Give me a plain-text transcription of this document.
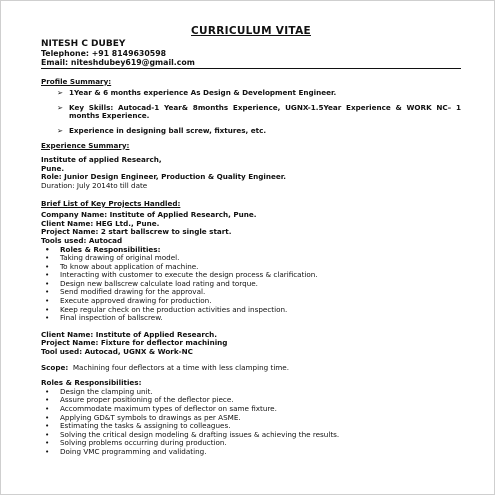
CURRICULUM VITAE
NITESH C DUBEY
Telephone: +91 8149630598
Email: niteshdubey619@gmail.com
Profile Summary:
➢ 1Year & 6 months experience As Design & Development Engineer.
➢ Key Skills: Autocad-1 Year& 8months Experience, UGNX-1.5Year Experience & WORK NC– 1 months Experience.
➢ Experience in designing ball screw, fixtures, etc.
Experience Summary:
Institute of applied Research,
Pune.
Role: Junior Design Engineer, Production & Quality Engineer.
Duration: July 2014to till date
Brief List of Key Projects Handled:
Company Name: Institute of Applied Research, Pune.
Client Name: HEG Ltd., Pune.
Project Name: 2 start ballscrew to single start.
Tools used: Autocad
• Roles & Responsibilities:
• Taking drawing of original model.
• To know about application of machine.
• Interacting with customer to execute the design process & clarification.
• Design new ballscrew calculate load rating and torque.
• Send modified drawing for the approval.
• Execute approved drawing for production.
• Keep regular check on the production activities and inspection.
• Final inspection of ballscrew.
Client Name: Institute of Applied Research.
Project Name: Fixture for deflector machining
Tool used: Autocad, UGNX & Work-NC
Scope: Machining four deflectors at a time with less clamping time.
Roles & Responsibilities:
• Design the clamping unit.
• Assure proper positioning of the deflector piece.
• Accommodate maximum types of deflector on same fixture.
• Applying GD&T symbols to drawings as per ASME.
• Estimating the tasks & assigning to colleagues.
• Solving the critical design modeling & drafting issues & achieving the results.
• Solving problems occurring during production.
• Doing VMC programming and validating.
